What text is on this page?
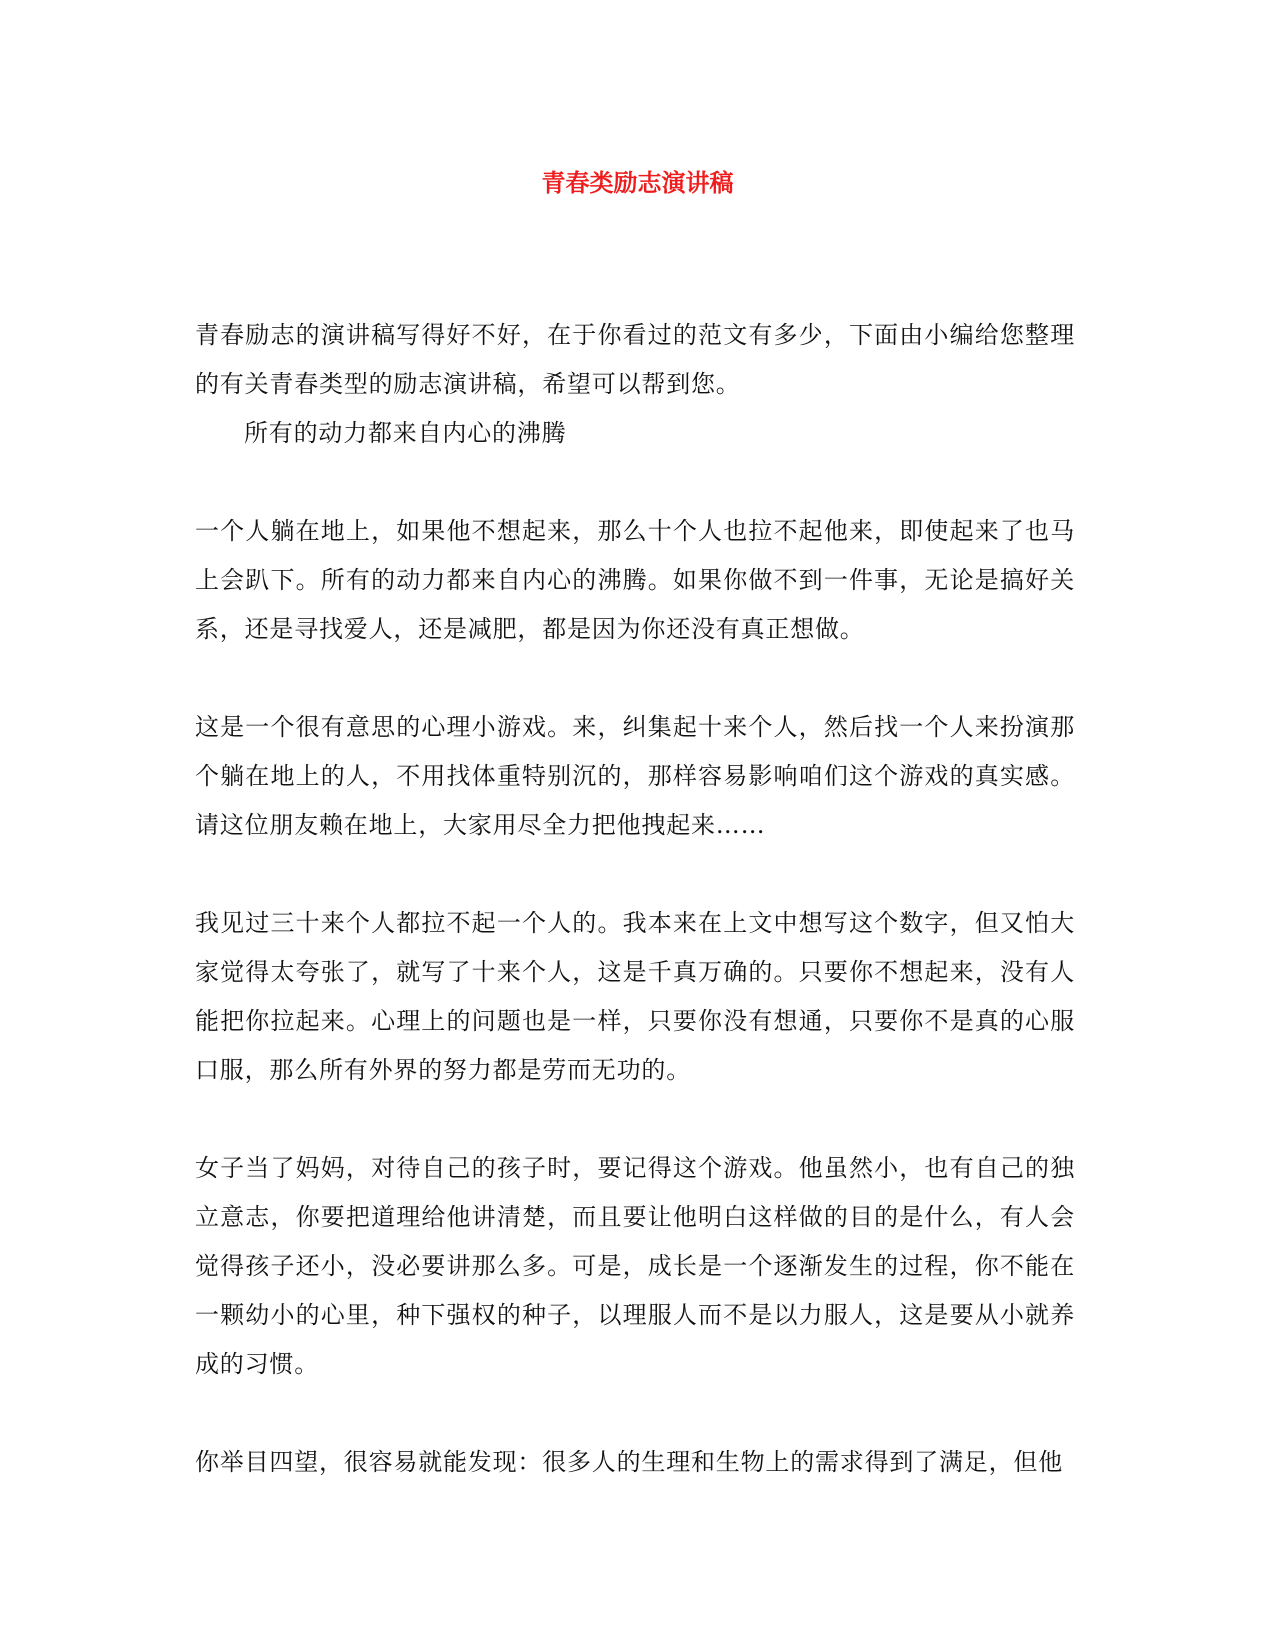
青春类励志演讲稿

青春励志的演讲稿写得好不好，在于你看过的范文有多少，下面由小编给您整理的有关青春类型的励志演讲稿，希望可以帮到您。

所有的动力都来自内心的沸腾

一个人躺在地上，如果他不想起来，那么十个人也拉不起他来，即使起来了也马上会趴下。所有的动力都来自内心的沸腾。如果你做不到一件事，无论是搞好关系，还是寻找爱人，还是减肥，都是因为你还没有真正想做。

这是一个很有意思的心理小游戏。来，纠集起十来个人，然后找一个人来扮演那个躺在地上的人，不用找体重特别沉的，那样容易影响咱们这个游戏的真实感。请这位朋友赖在地上，大家用尽全力把他拽起来……

我见过三十来个人都拉不起一个人的。我本来在上文中想写这个数字，但又怕大家觉得太夸张了，就写了十来个人，这是千真万确的。只要你不想起来，没有人能把你拉起来。心理上的问题也是一样，只要你没有想通，只要你不是真的心服口服，那么所有外界的努力都是劳而无功的。

女子当了妈妈，对待自己的孩子时，要记得这个游戏。他虽然小，也有自己的独立意志，你要把道理给他讲清楚，而且要让他明白这样做的目的是什么，有人会觉得孩子还小，没必要讲那么多。可是，成长是一个逐渐发生的过程，你不能在一颗幼小的心里，种下强权的种子，以理服人而不是以力服人，这是要从小就养成的习惯。

你举目四望，很容易就能发现：很多人的生理和生物上的需求得到了满足，但他
